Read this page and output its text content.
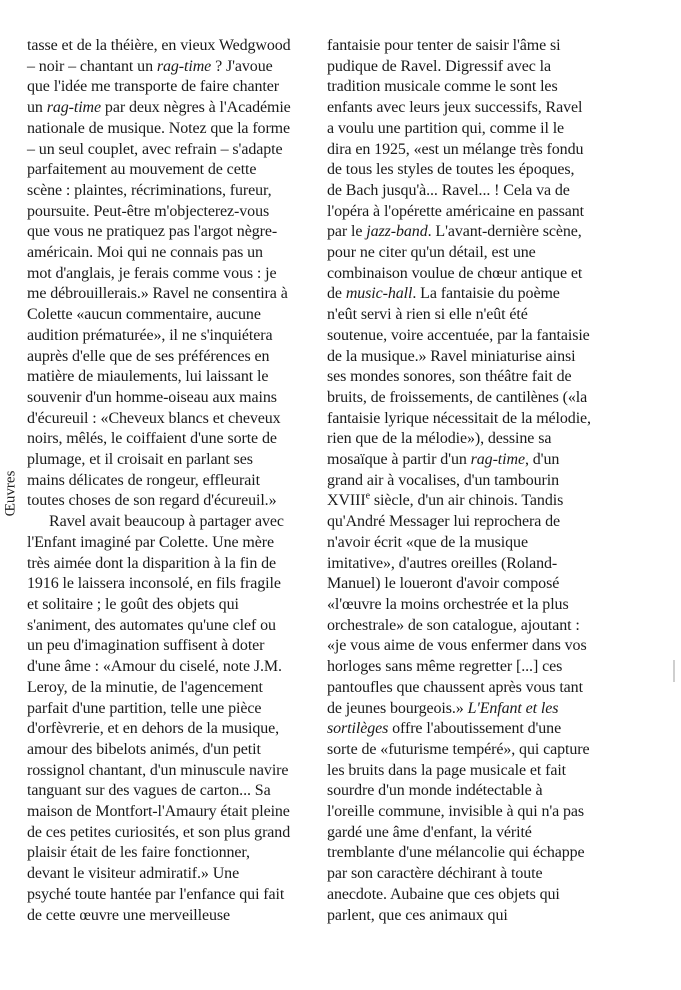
tasse et de la théière, en vieux Wedgwood
– noir – chantant un rag-time ? J'avoue
que l'idée me transporte de faire chanter
un rag-time par deux nègres à l'Académie
nationale de musique. Notez que la forme
– un seul couplet, avec refrain – s'adapte
parfaitement au mouvement de cette
scène : plaintes, récriminations, fureur,
poursuite. Peut-être m'objecterez-vous
que vous ne pratiquez pas l'argot nègre-
américain. Moi qui ne connais pas un
mot d'anglais, je ferais comme vous : je
me débrouillerais.» Ravel ne consentira à
Colette «aucun commentaire, aucune
audition prématurée», il ne s'inquiétera
auprès d'elle que de ses préférences en
matière de miaulements, lui laissant le
souvenir d'un homme-oiseau aux mains
d'écureuil : «Cheveux blancs et cheveux
noirs, mêlés, le coiffaient d'une sorte de
plumage, et il croisait en parlant ses
mains délicates de rongeur, effleurait
toutes choses de son regard d'écureuil.»
Ravel avait beaucoup à partager avec
l'Enfant imaginé par Colette. Une mère
très aimée dont la disparition à la fin de
1916 le laissera inconsolé, en fils fragile
et solitaire ; le goût des objets qui
s'animent, des automates qu'une clef ou
un peu d'imagination suffisent à doter
d'une âme : «Amour du ciselé, note J.M.
Leroy, de la minutie, de l'agencement
parfait d'une partition, telle une pièce
d'orfèvrerie, et en dehors de la musique,
amour des bibelots animés, d'un petit
rossignol chantant, d'un minuscule navire
tanguant sur des vagues de carton... Sa
maison de Montfort-l'Amaury était pleine
de ces petites curiosités, et son plus grand
plaisir était de les faire fonctionner,
devant le visiteur admiratif.» Une
psyché toute hantée par l'enfance qui fait
de cette œuvre une merveilleuse
fantaisie pour tenter de saisir l'âme si
pudique de Ravel. Digressif avec la
tradition musicale comme le sont les
enfants avec leurs jeux successifs, Ravel
a voulu une partition qui, comme il le
dira en 1925, «est un mélange très fondu
de tous les styles de toutes les époques,
de Bach jusqu'à... Ravel... ! Cela va de
l'opéra à l'opérette américaine en passant
par le jazz-band. L'avant-dernière scène,
pour ne citer qu'un détail, est une
combinaison voulue de chœur antique et
de music-hall. La fantaisie du poème
n'eût servi à rien si elle n'eût été
soutenue, voire accentuée, par la fantaisie
de la musique.» Ravel miniaturise ainsi
ses mondes sonores, son théâtre fait de
bruits, de froissements, de cantilènes («la
fantaisie lyrique nécessitait de la mélodie,
rien que de la mélodie»), dessine sa
mosaïque à partir d'un rag-time, d'un
grand air à vocalises, d'un tambourin
XVIIIe siècle, d'un air chinois. Tandis
qu'André Messager lui reprochera de
n'avoir écrit «que de la musique
imitative», d'autres oreilles (Roland-
Manuel) le loueront d'avoir composé
«l'œuvre la moins orchestrée et la plus
orchestrale» de son catalogue, ajoutant :
«je vous aime de vous enfermer dans vos
horloges sans même regretter [...] ces
pantoufles que chaussent après vous tant
de jeunes bourgeois.» L'Enfant et les
sortilèges offre l'aboutissement d'une
sorte de «futurisme tempéré», qui capture
les bruits dans la page musicale et fait
sourdre d'un monde indétectable à
l'oreille commune, invisible à qui n'a pas
gardé une âme d'enfant, la vérité
tremblante d'une mélancolie qui échappe
par son caractère déchirant à toute
anecdote. Aubaine que ces objets qui
parlent, que ces animaux qui
Œuvres
